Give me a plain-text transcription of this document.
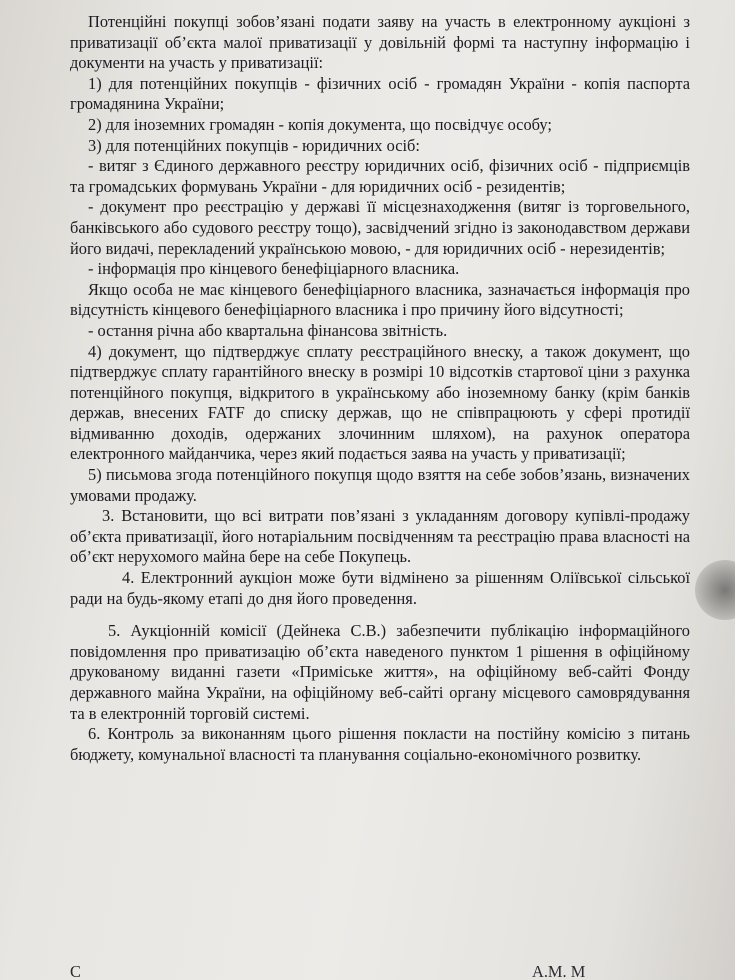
Потенційні покупці зобов’язані подати заяву на участь в електронному аукціоні з приватизації об’єкта малої приватизації у довільній формі та наступну інформацію і документи на участь у приватизації:

1) для потенційних покупців - фізичних осіб - громадян України - копія паспорта громадянина України;

2) для іноземних громадян - копія документа, що посвідчує особу;

3) для потенційних покупців - юридичних осіб:

- витяг з Єдиного державного реєстру юридичних осіб, фізичних осіб - підприємців та громадських формувань України - для юридичних осіб - резидентів;

- документ про реєстрацію у державі її місцезнаходження (витяг із торговельного, банківського або судового реєстру тощо), засвідчений згідно із законодавством держави його видачі, перекладений українською мовою, - для юридичних осіб - нерезидентів;

- інформація про кінцевого бенефіціарного власника.

Якщо особа не має кінцевого бенефіціарного власника, зазначається інформація про відсутність кінцевого бенефіціарного власника і про причину його відсутності;

- остання річна або квартальна фінансова звітність.

4) документ, що підтверджує сплату реєстраційного внеску, а також документ, що підтверджує сплату гарантійного внеску в розмірі 10 відсотків стартової ціни з рахунка потенційного покупця, відкритого в українському або іноземному банку (крім банків держав, внесених FATF до списку держав, що не співпрацюють у сфері протидії відмиванню доходів, одержаних злочинним шляхом), на рахунок оператора електронного майданчика, через який подається заява на участь у приватизації;

5) письмова згода потенційного покупця щодо взяття на себе зобов’язань, визначених умовами продажу.

3. Встановити, що всі витрати пов’язані з укладанням договору купівлі-продажу об’єкта приватизації, його нотаріальним посвідченням та реєстрацію права власності на об’єкт нерухомого майна бере на себе Покупець.

4. Електронний аукціон може бути відмінено за рішенням Оліївської сільської ради на будь-якому етапі до дня його проведення.

5. Аукціонній комісії (Дейнека С.В.) забезпечити публікацію інформаційного повідомлення про приватизацію об’єкта наведеного пунктом 1 рішення в офіційному друкованому виданні газети «Приміське життя», на офіційному веб-сайті Фонду державного майна України, на офіційному веб-сайті органу місцевого самоврядування та в електронній торговій системі.

6. Контроль за виконанням цього рішення покласти на постійну комісію з питань бюджету, комунальної власності та планування соціально-економічного розвитку.

С	А.М. М
